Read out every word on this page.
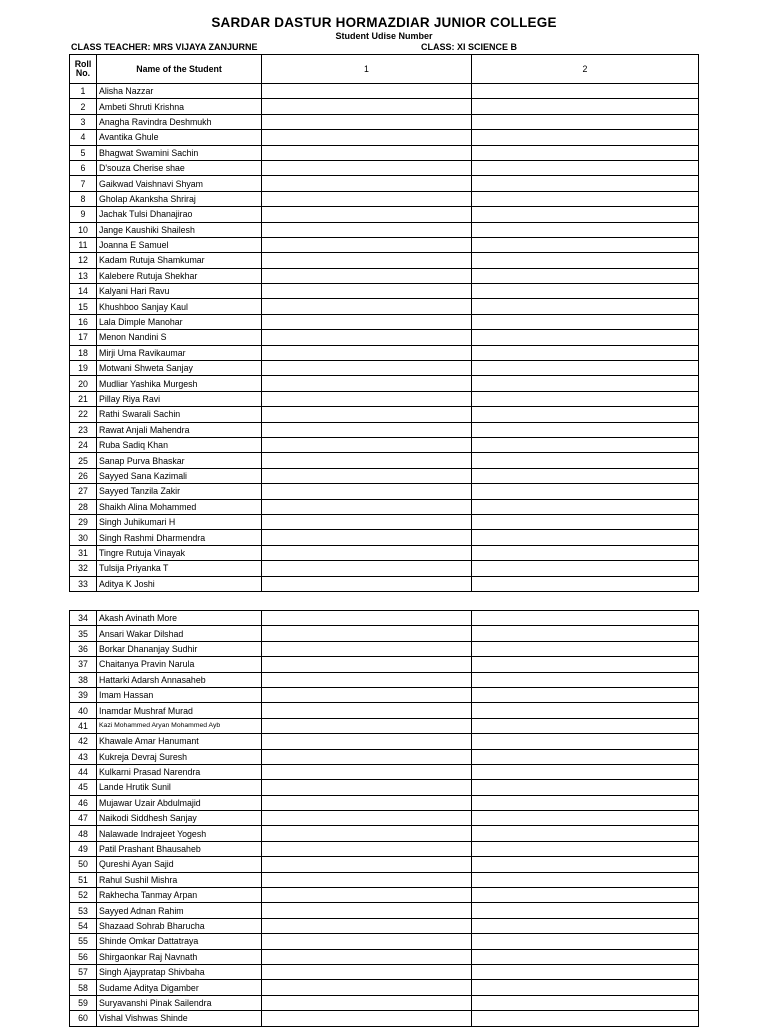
SARDAR DASTUR HORMAZDIAR JUNIOR COLLEGE
Student Udise Number
CLASS TEACHER: MRS VIJAYA ZANJURNE	CLASS: XI SCIENCE B
Roll
No.	Name of the Student	1	2
1	Alisha Nazzar		
2	Ambeti Shruti Krishna		
3	Anagha Ravindra Deshmukh		
4	Avantika Ghule		
5	Bhagwat Swamini Sachin		
6	D'souza Cherise shae		
7	Gaikwad Vaishnavi Shyam		
8	Gholap Akanksha Shriraj		
9	Jachak Tulsi Dhanajirao		
10	Jange Kaushiki Shailesh		
11	Joanna E Samuel		
12	Kadam Rutuja Shamkumar		
13	Kalebere Rutuja Shekhar		
14	Kalyani Hari Ravu		
15	Khushboo Sanjay Kaul		
16	Lala Dimple Manohar		
17	Menon Nandini S		
18	Mirji Uma Ravikaumar		
19	Motwani Shweta Sanjay		
20	Mudliar Yashika Murgesh		
21	Pillay Riya Ravi		
22	Rathi Swarali Sachin		
23	Rawat Anjali Mahendra		
24	Ruba Sadiq Khan		
25	Sanap Purva Bhaskar		
26	Sayyed Sana Kazimali		
27	Sayyed Tanzila Zakir		
28	Shaikh Alina Mohammed		
29	Singh Juhikumari H		
30	Singh Rashmi Dharmendra		
31	Tingre Rutuja Vinayak		
32	Tulsija Priyanka T		
33	Aditya K Joshi		
34	Akash Avinath More		
35	Ansari Wakar Dilshad		
36	Borkar Dhananjay Sudhir		
37	Chaitanya Pravin Narula		
38	Hattarki Adarsh Annasaheb		
39	Imam Hassan		
40	Inamdar Mushraf Murad		
41	Kazi Mohammed Aryan Mohammed Ayb		
42	Khawale Amar Hanumant		
43	Kukreja Devraj Suresh		
44	Kulkarni Prasad Narendra		
45	Lande Hrutik Sunil		
46	Mujawar Uzair Abdulmajid		
47	Naikodi Siddhesh Sanjay		
48	Nalawade Indrajeet Yogesh		
49	Patil Prashant Bhausaheb		
50	Qureshi Ayan Sajid		
51	Rahul Sushil Mishra		
52	Rakhecha Tanmay Arpan		
53	Sayyed Adnan Rahim		
54	Shazaad Sohrab Bharucha		
55	Shinde Omkar Dattatraya		
56	Shirgaonkar Raj Navnath		
57	Singh Ajaypratap Shivbaha		
58	Sudame Aditya Digamber		
59	Suryavanshi Pinak Sailendra		
60	Vishal Vishwas Shinde		
